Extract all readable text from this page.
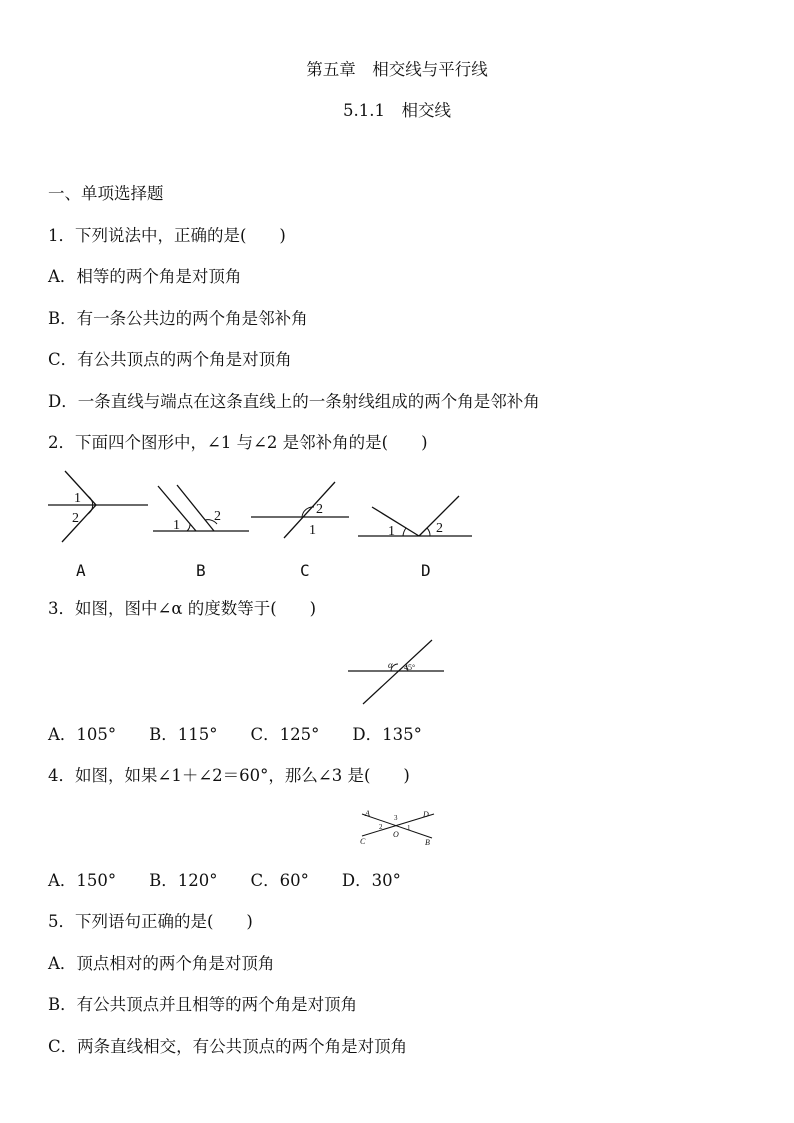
第五章　相交线与平行线
5.1.1　相交线
一、单项选择题
1．下列说法中，正确的是(　　)
A．相等的两个角是对顶角
B．有一条公共边的两个角是邻补角
C．有公共顶点的两个角是对顶角
D．一条直线与端点在这条直线上的一条射线组成的两个角是邻补角
2．下面四个图形中，∠1 与∠2 是邻补角的是(　　)
1
2	1
2	2
1	1	2
A	B	C	D
3．如图，图中∠α 的度数等于(　　)
α 45°
A．105°　　B．115°　　C．125°　　D．135°
4．如图，如果∠1＋∠2＝60°，那么∠3 是(　　)
A	D
C	B
O
3
2	1
A．150°　　B．120°　　C．60°　　D．30°
5．下列语句正确的是(　　)
A．顶点相对的两个角是对顶角
B．有公共顶点并且相等的两个角是对顶角
C．两条直线相交，有公共顶点的两个角是对顶角
